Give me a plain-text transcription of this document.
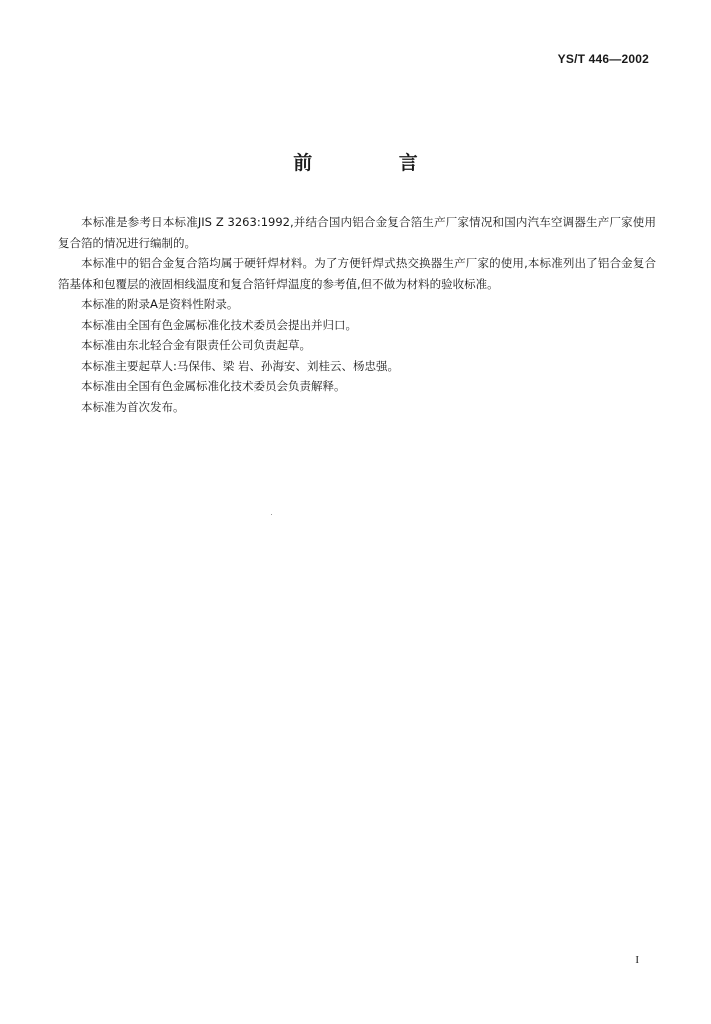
YS/T 446—2002
前 言

本标准是参考日本标准JIS Z 3263:1992,并结合国内铝合金复合箔生产厂家情况和国内汽车空调器生产厂家使用复合箔的情况进行编制的。

本标准中的铝合金复合箔均属于硬钎焊材料。为了方便钎焊式热交换器生产厂家的使用,本标准列出了铝合金复合箔基体和包覆层的液固相线温度和复合箔钎焊温度的参考值,但不做为材料的验收标准。

本标准的附录A是资料性附录。

本标准由全国有色金属标准化技术委员会提出并归口。

本标准由东北轻合金有限责任公司负责起草。

本标准主要起草人:马保伟、梁 岩、孙海安、刘桂云、杨忠强。

本标准由全国有色金属标准化技术委员会负责解释。

本标准为首次发布。

I
